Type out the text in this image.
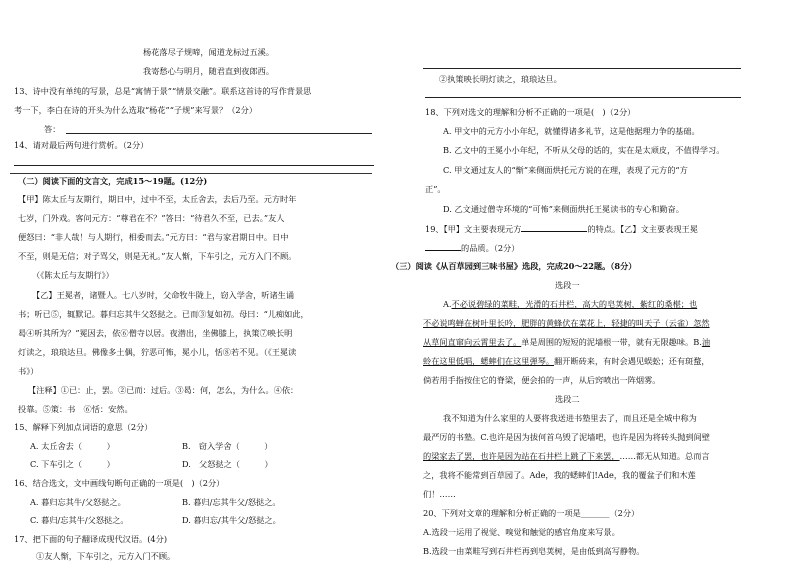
杨花落尽子规啼，闻道龙标过五溪。
我寄愁心与明月，随君直到夜郎西。
13、诗中没有单纯的写景，总是“寓情于景”“情景交融”。联系这首诗的写作背景思
考一下，李白在诗的开头为什么选取“杨花”“子规”来写景？（2分）
答：
14、请对最后两句进行赏析。（2分）
（二）阅读下面的文言文，完成15～19题。(12分)
【甲】陈太丘与友期行，期日中，过中不至，太丘舍去，去后乃至。元方时年
七岁，门外戏。客问元方：“尊君在不？”答曰：“待君久不至，已去。”友人
便怒曰：“非人哉！与人期行，相委而去。”元方曰：“君与家君期日中。日中
不至，则是无信；对子骂父，则是无礼。”友人惭，下车引之，元方入门不顾。
（《陈太丘与友期行》）
【乙】王冕者，诸暨人。七八岁时，父命牧牛陇上，窃入学舍，听诸生诵
书；听已⑤，辄默记。暮归忘其牛父怒挞之。已而③复如初。母曰：“儿痴如此，
曷④听其所为？”冕因去，依⑥僧寺以居。夜潜出，坐佛膝上，执策⑦映长明
灯读之，琅琅达旦。佛像多土偶，狞恶可怖，冕小儿，恬⑧若不见。（《王冕读
书》）
【注释】①已：止，罢。②已而：过后。③曷：何，怎么，为什么。④依：
投靠。⑤策：书　⑥恬：安然。
15、解释下列加点词语的意思（2分）
A. 太丘舍去（　　　）	B.　窃入学舍（　　　）
C. 下车引之（　　　）	D.　父怒挞之（　　　）
16、结合选文，文中画线句断句正确的一项是(　)（2分）
A. 暮归忘其牛/父怒挞之。	B. 暮归/忘其牛父/怒挞之。
C. 暮归/忘其牛/父怒挞之。	D. 暮归忘/其牛父/怒挞之。
17、把下面的句子翻译成现代汉语。(4分)
①友人惭，下车引之，元方入门不顾。
②执策映长明灯读之，琅琅达旦。
18、下列对选文的理解和分析不正确的一项是(　)（2分）
A. 甲文中的元方小小年纪，就懂得诸多礼节，这是他据理力争的基础。
B. 乙文中的王冕小小年纪，不听从父母的话的，实在是太顽皮，不值得学习。
C. 甲文通过友人的“惭”来侧面烘托元方说的在理，表现了元方的“方
正”。
D. 乙文通过僧寺环境的“可怖”来侧面烘托王冕读书的专心和勤奋。
19、【甲】文主要表现元方	的特点。【乙】文主要表现王冕
的品质。（2分）
（三）阅读《从百草园到三味书屋》选段，完成20～22题。（8分）
选段一
A.不必说碧绿的菜畦，光滑的石井栏，高大的皂荚树，紫红的桑椹；也
不必说鸣蝉在树叶里长吟，肥胖的黄蜂伏在菜花上，轻捷的叫天子（云雀）忽然
从草间直窜向云霄里去了。单是周围的短短的泥墙根一带，就有无限趣味。B.油
蛉在这里低唱，蟋蟀们在这里弹琴。翻开断砖来，有时会遇见蜈蚣；还有斑蝥，
倘若用手指按住它的脊梁，便会拍的一声，从后窍喷出一阵烟雾。
选段二
我不知道为什么家里的人要将我送进书塾里去了，而且还是全城中称为
最严厉的书塾。C.也许是因为拔何首乌毁了泥墙吧，也许是因为将砖头抛到间壁
的梁家去了罢，也许是因为站在石井栏上跳了下来罢，……都无从知道。总而言
之，我将不能常到百草园了。Ade，我的蟋蟀们!Ade，我的覆盆子们和木莲
们！……
20、下列对文章的理解和分析正确的一项是_______（2分）
A.选段一运用了视觉、嗅觉和触觉的感官角度来写景。
B.选段一由菜畦写到石井栏再到皂荚树，是由低到高写静物。
